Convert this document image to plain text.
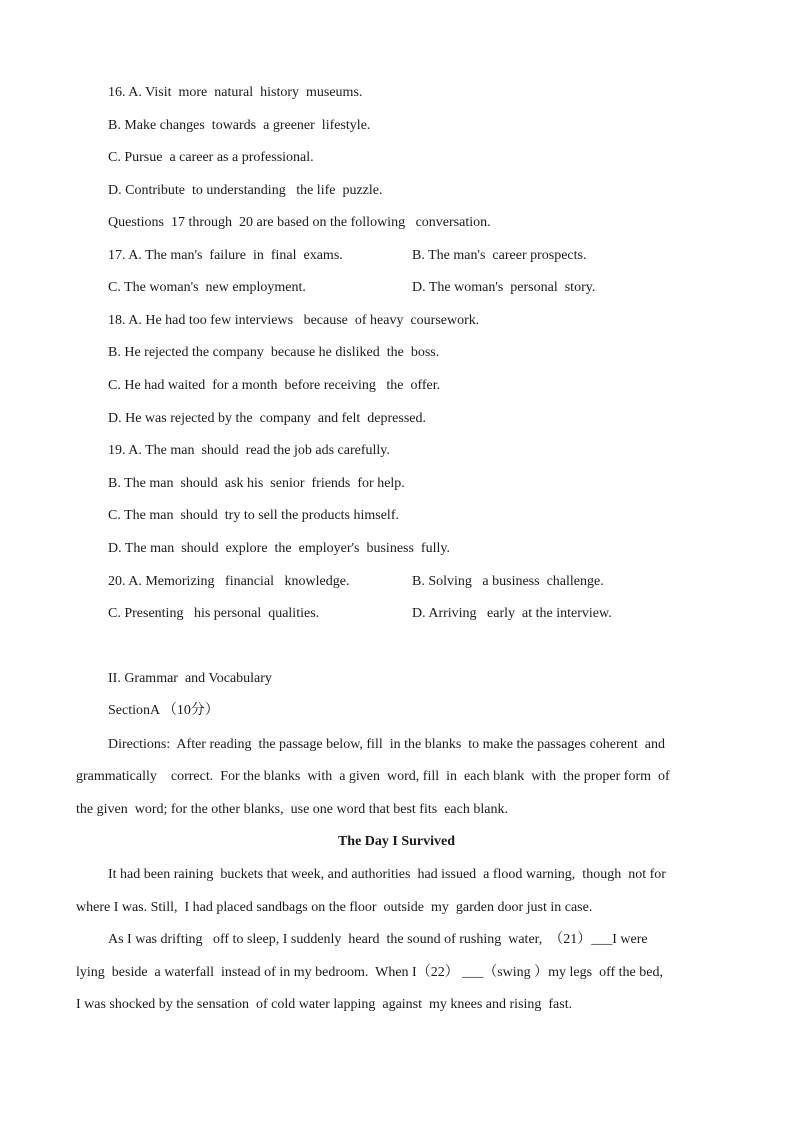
16. A. Visit  more  natural  history  museums.
B. Make changes  towards  a greener  lifestyle.
C. Pursue  a career as a professional.
D. Contribute  to understanding   the life  puzzle.
Questions  17 through  20 are based on the following   conversation.
17. A. The man's  failure  in  final  exams.	B. The man's  career prospects.
C. The woman's  new employment.	D. The woman's  personal  story.
18. A. He had too few interviews   because  of heavy  coursework.
B. He rejected the company  because he disliked  the  boss.
C. He had waited  for a month  before receiving   the  offer.
D. He was rejected by the  company  and felt  depressed.
19. A. The man  should  read the job ads carefully.
B. The man  should  ask his  senior  friends  for help.
C. The man  should  try to sell the products himself.
D. The man  should  explore  the  employer's  business  fully.
20. A. Memorizing   financial   knowledge.	B. Solving   a business  challenge.
C. Presenting   his personal  qualities.	D. Arriving   early  at the interview.
II. Grammar  and Vocabulary
SectionA （10分）
Directions:  After reading  the passage below, fill  in the blanks  to make the passages coherent  and
grammatically    correct.  For the blanks  with  a given  word, fill  in  each blank  with  the proper form  of
the given  word; for the other blanks,  use one word that best fits  each blank.
The Day I Survived
It had been raining  buckets that week, and authorities  had issued  a flood warning,  though  not for
where I was. Still,  I had placed sandbags on the floor  outside  my  garden door just in case.
As I was drifting   off to sleep, I suddenly  heard  the sound of rushing  water,  （21）___I were
lying  beside  a waterfall  instead of in my bedroom.  When I（22） ___（swing ）my legs  off the bed,
I was shocked by the sensation  of cold water lapping  against  my knees and rising  fast.
